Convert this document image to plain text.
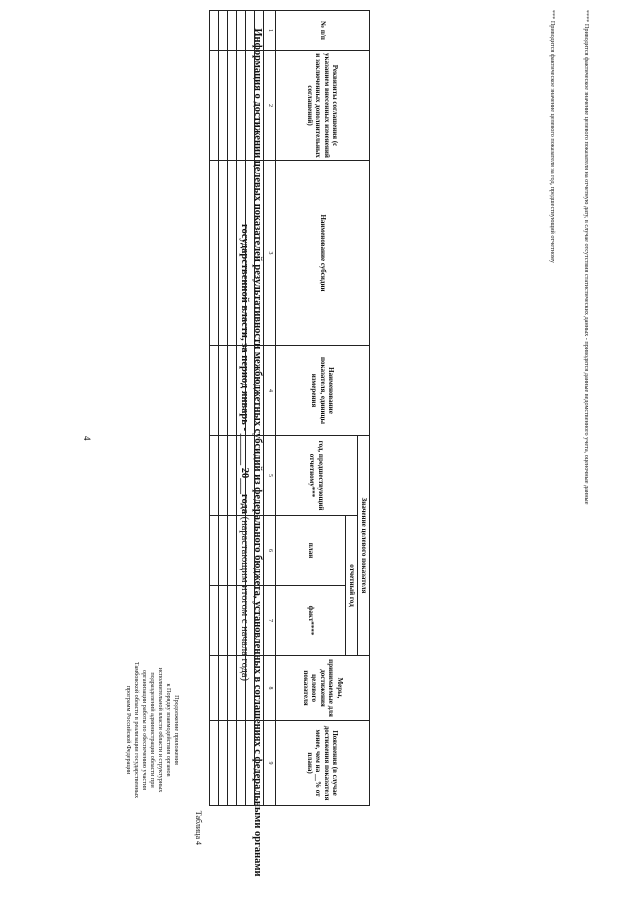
4
Продолжение приложения
к Порядку взаимодействия органов
исполнительной власти области и структурных
подразделений администрации области при
организации работы по обеспечению участия
Тамбовской области в реализации государственных
программ Российской Федерации
Таблица 4	Информация о достижении целевых показателей результативности межбюджетных субсидий из федерального бюджета, установленных в соглашениях с федеральными органами государственной власти, за период январь - ______ 20___года (нарастающим итогом с начала года)
№ п/п	Реквизиты соглашения (с указанием внесенных изменений и заключенных дополнительных соглашений)	Наименование субсидии	Наименование показателя, единицы измерения	Значение целевого показателя			Меры, принимаемые для достижения целевого показателя	Пояснения (в случае достижения показателя менее, чем на __% от плана)
				год, предшествующий отчетному***	отчетный год			
					план	факт****		
1	2	3	4	5	6	7	8	9

*** Приводится фактическое значение целевого показателя за год, предшествующий отчетному	**** Приводится фактическое значение целевого показателя на отчетную дату, в случае отсутствия статистических данных - приводятся данные ведомственного учета, оценочные данные
